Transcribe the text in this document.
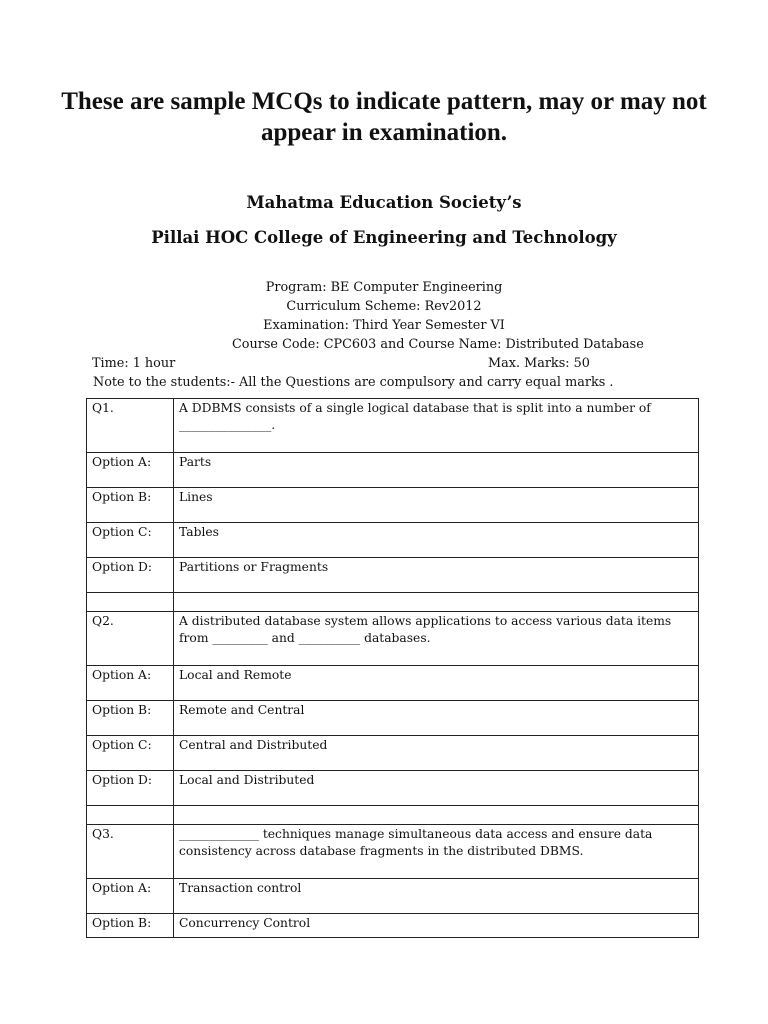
These are sample MCQs to indicate pattern, may or may not appear in examination.
Mahatma Education Society’s
Pillai HOC College of Engineering and Technology
Program: BE Computer Engineering
Curriculum Scheme: Rev2012
Examination: Third Year Semester VI
Course Code: CPC603 and Course Name: Distributed Database
Time: 1 hour	Max. Marks: 50
Note to the students:- All the Questions are compulsory and carry equal marks .
Q1.	A DDBMS consists of a single logical database that is split into a number of _______________.
Option A:	Parts
Option B:	Lines
Option C:	Tables
Option D:	Partitions or Fragments

Q2.	A distributed database system allows applications to access various data items from _________ and __________ databases.
Option A:	Local and Remote
Option B:	Remote and Central
Option C:	Central and Distributed
Option D:	Local and Distributed

Q3.	_____________ techniques manage simultaneous data access and ensure data consistency across database fragments in the distributed DBMS.
Option A:	Transaction control
Option B:	Concurrency Control
